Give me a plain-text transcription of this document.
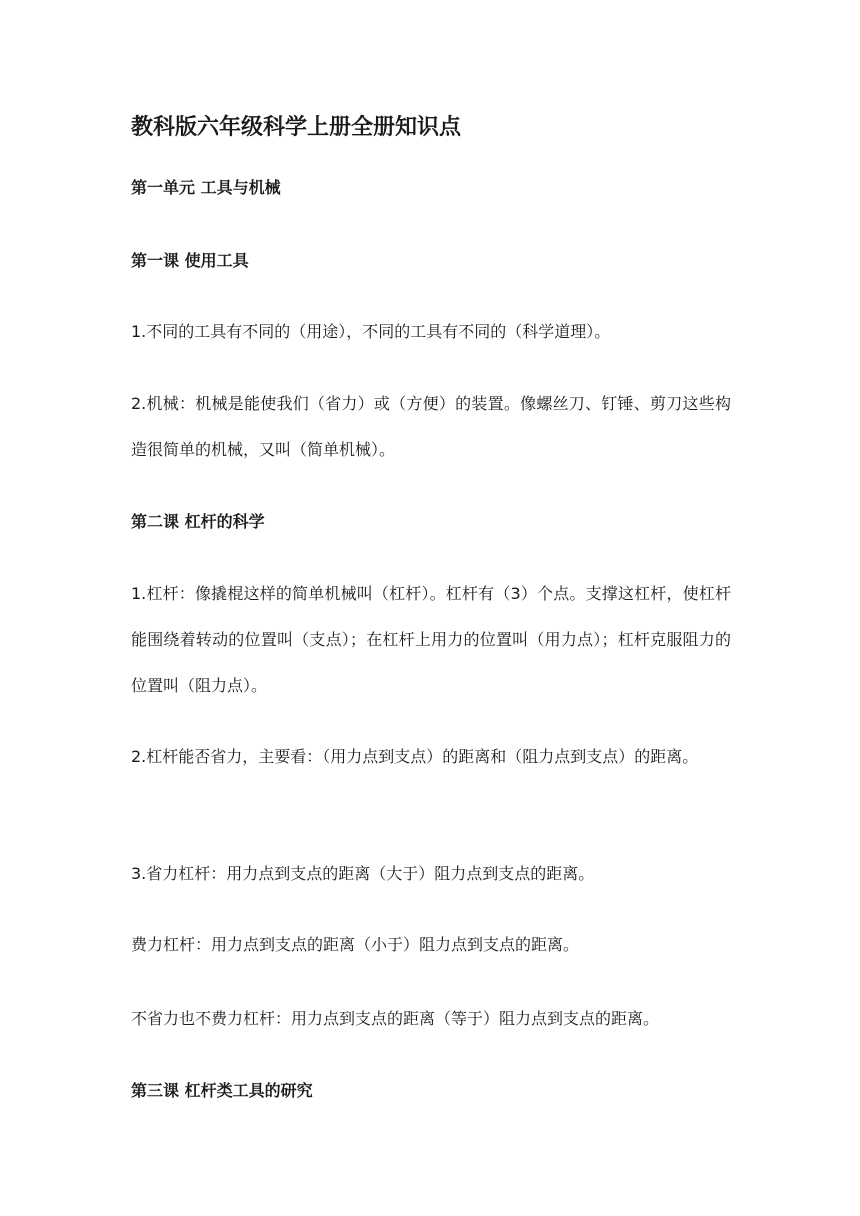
教科版六年级科学上册全册知识点
第一单元 工具与机械
第一课 使用工具

1.不同的工具有不同的（用途），不同的工具有不同的（科学道理）。

2.机械：机械是能使我们（省力）或（方便）的装置。像螺丝刀、钉锤、剪刀这些构造很简单的机械，又叫（简单机械）。

第二课 杠杆的科学

1.杠杆：像撬棍这样的简单机械叫（杠杆）。杠杆有（3）个点。支撑这杠杆，使杠杆能围绕着转动的位置叫（支点）；在杠杆上用力的位置叫（用力点）；杠杆克服阻力的位置叫（阻力点）。

2.杠杆能否省力，主要看：（用力点到支点）的距离和（阻力点到支点）的距离。

3.省力杠杆：用力点到支点的距离（大于）阻力点到支点的距离。

费力杠杆：用力点到支点的距离（小于）阻力点到支点的距离。

不省力也不费力杠杆：用力点到支点的距离（等于）阻力点到支点的距离。

第三课 杠杆类工具的研究
